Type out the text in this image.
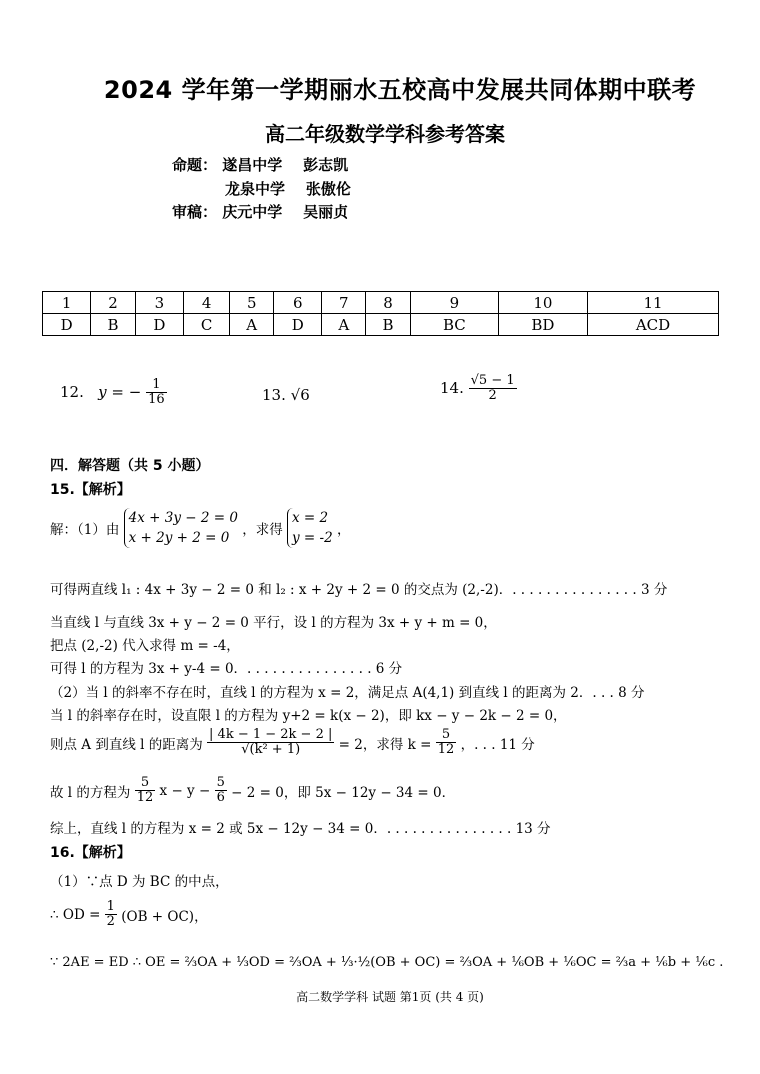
2024 学年第一学期丽水五校高中发展共同体期中联考
高二年级数学学科参考答案
命题： 遂昌中学 彭志凯
龙泉中学 张傲伦
审稿： 庆元中学 吴丽贞
1	2	3	4	5	6	7	8	9	10	11
D	B	D	C	A	D	A	B	BC	BD	ACD
12. y = − $\frac{1}{16}$	13. √6	14. $\frac{√5 - 1}{2}$
四．解答题（共 5 小题）
15.【解析】
解：（1）由
4x + 3y − 2 = 0
x + 2y + 2 = 0 ，求得
x = 2
y = -2 ，
可得两直线 l₁ : 4x + 3y − 2 = 0 和 l₂ : x + 2y + 2 = 0 的交点为 (2,-2)．. . . . . . . . . . . . . . . 3 分
当直线 l 与直线 3x + y − 2 = 0 平行，设 l 的方程为 3x + y + m = 0，
把点 (2,-2) 代入求得 m = -4，
可得 l 的方程为 3x + y-4 = 0．. . . . . . . . . . . . . . . 6 分
（2）当 l 的斜率不存在时，直线 l 的方程为 x = 2，满足点 A(4,1) 到直线 l 的距离为 2．. . . 8 分
当 l 的斜率存在时，设直限 l 的方程为 y+2 = k(x − 2)，即 kx − y − 2k − 2 = 0，
则点 A 到直线 l 的距离为 $\frac{| 4k - 1 - 2k - 2 |}{\text{√(k² + 1)}} = 2$，求得 $k = \frac{5}{12}$ ，. . . 11 分
故 l 的方程为 $\frac{5}{12}$ $x - y - \frac{5}{6} - 2 = 0$，即 5x − 12y − 34 = 0．
综上，直线 l 的方程为 x = 2 或 5x − 12y − 34 = 0．. . . . . . . . . . . . . . . 13 分
16.【解析】
（1）∵点 D 为 BC 的中点，
∴ OD = $\frac{1}{2} (OB + OC)$，
∵ 2AE = ED ∴ OE = ⅔OA + ⅓OD = ⅔OA + ⅓·½(OB + OC) = ⅔OA + ⅙OB + ⅙OC = ⅔a + ⅙b + ⅙c .
高二数学学科 试题 第1页 (共 4 页)
